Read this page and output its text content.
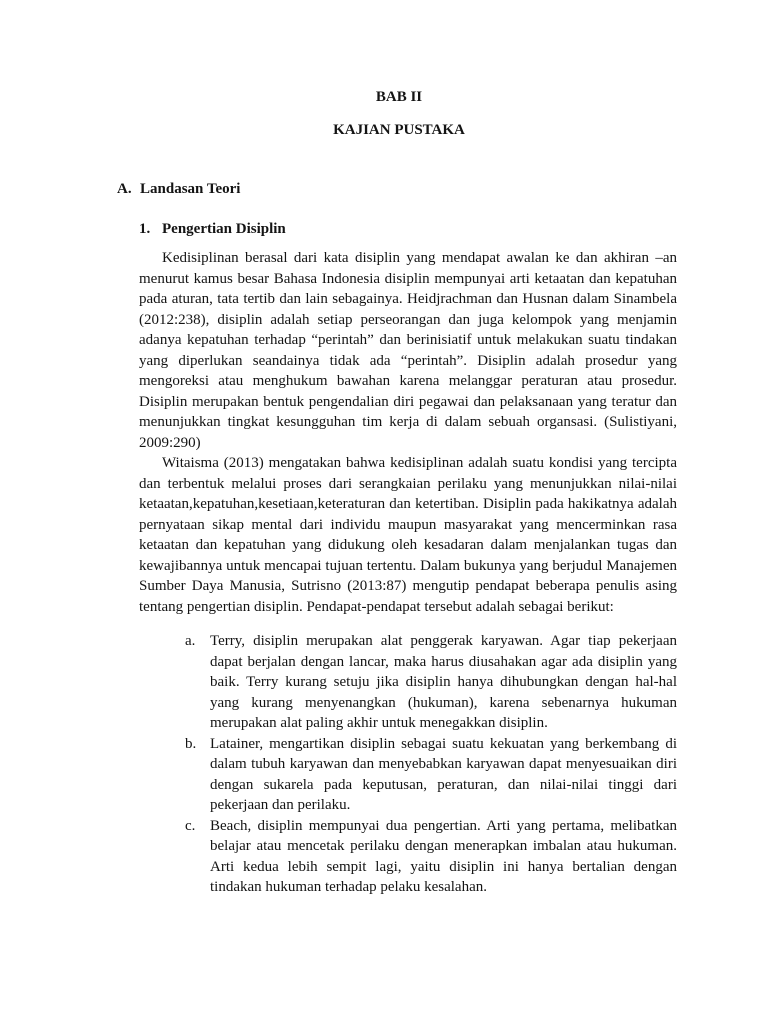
BAB II
KAJIAN PUSTAKA
A. Landasan Teori
1. Pengertian Disiplin

Kedisiplinan berasal dari kata disiplin yang mendapat awalan ke dan akhiran –an menurut kamus besar Bahasa Indonesia disiplin mempunyai arti ketaatan dan kepatuhan pada aturan, tata tertib dan lain sebagainya. Heidjrachman dan Husnan dalam Sinambela (2012:238), disiplin adalah setiap perseorangan dan juga kelompok yang menjamin adanya kepatuhan terhadap “perintah” dan berinisiatif untuk melakukan suatu tindakan yang diperlukan seandainya tidak ada “perintah”. Disiplin adalah prosedur yang mengoreksi atau menghukum bawahan karena melanggar peraturan atau prosedur. Disiplin merupakan bentuk pengendalian diri pegawai dan pelaksanaan yang teratur dan menunjukkan tingkat kesungguhan tim kerja di dalam sebuah organsasi. (Sulistiyani, 2009:290)

Witaisma (2013) mengatakan bahwa kedisiplinan adalah suatu kondisi yang tercipta dan terbentuk melalui proses dari serangkaian perilaku yang menunjukkan nilai-nilai ketaatan,kepatuhan,kesetiaan,keteraturan dan ketertiban. Disiplin pada hakikatnya adalah pernyataan sikap mental dari individu maupun masyarakat yang mencerminkan rasa ketaatan dan kepatuhan yang didukung oleh kesadaran dalam menjalankan tugas dan kewajibannya untuk mencapai tujuan tertentu. Dalam bukunya yang berjudul Manajemen Sumber Daya Manusia, Sutrisno (2013:87) mengutip pendapat beberapa penulis asing tentang pengertian disiplin. Pendapat-pendapat tersebut adalah sebagai berikut:

a. Terry, disiplin merupakan alat penggerak karyawan. Agar tiap pekerjaan dapat berjalan dengan lancar, maka harus diusahakan agar ada disiplin yang baik. Terry kurang setuju jika disiplin hanya dihubungkan dengan hal-hal yang kurang menyenangkan (hukuman), karena sebenarnya hukuman merupakan alat paling akhir untuk menegakkan disiplin.
b. Latainer, mengartikan disiplin sebagai suatu kekuatan yang berkembang di dalam tubuh karyawan dan menyebabkan karyawan dapat menyesuaikan diri dengan sukarela pada keputusan, peraturan, dan nilai-nilai tinggi dari pekerjaan dan perilaku.
c. Beach, disiplin mempunyai dua pengertian. Arti yang pertama, melibatkan belajar atau mencetak perilaku dengan menerapkan imbalan atau hukuman. Arti kedua lebih sempit lagi, yaitu disiplin ini hanya bertalian dengan tindakan hukuman terhadap pelaku kesalahan.
